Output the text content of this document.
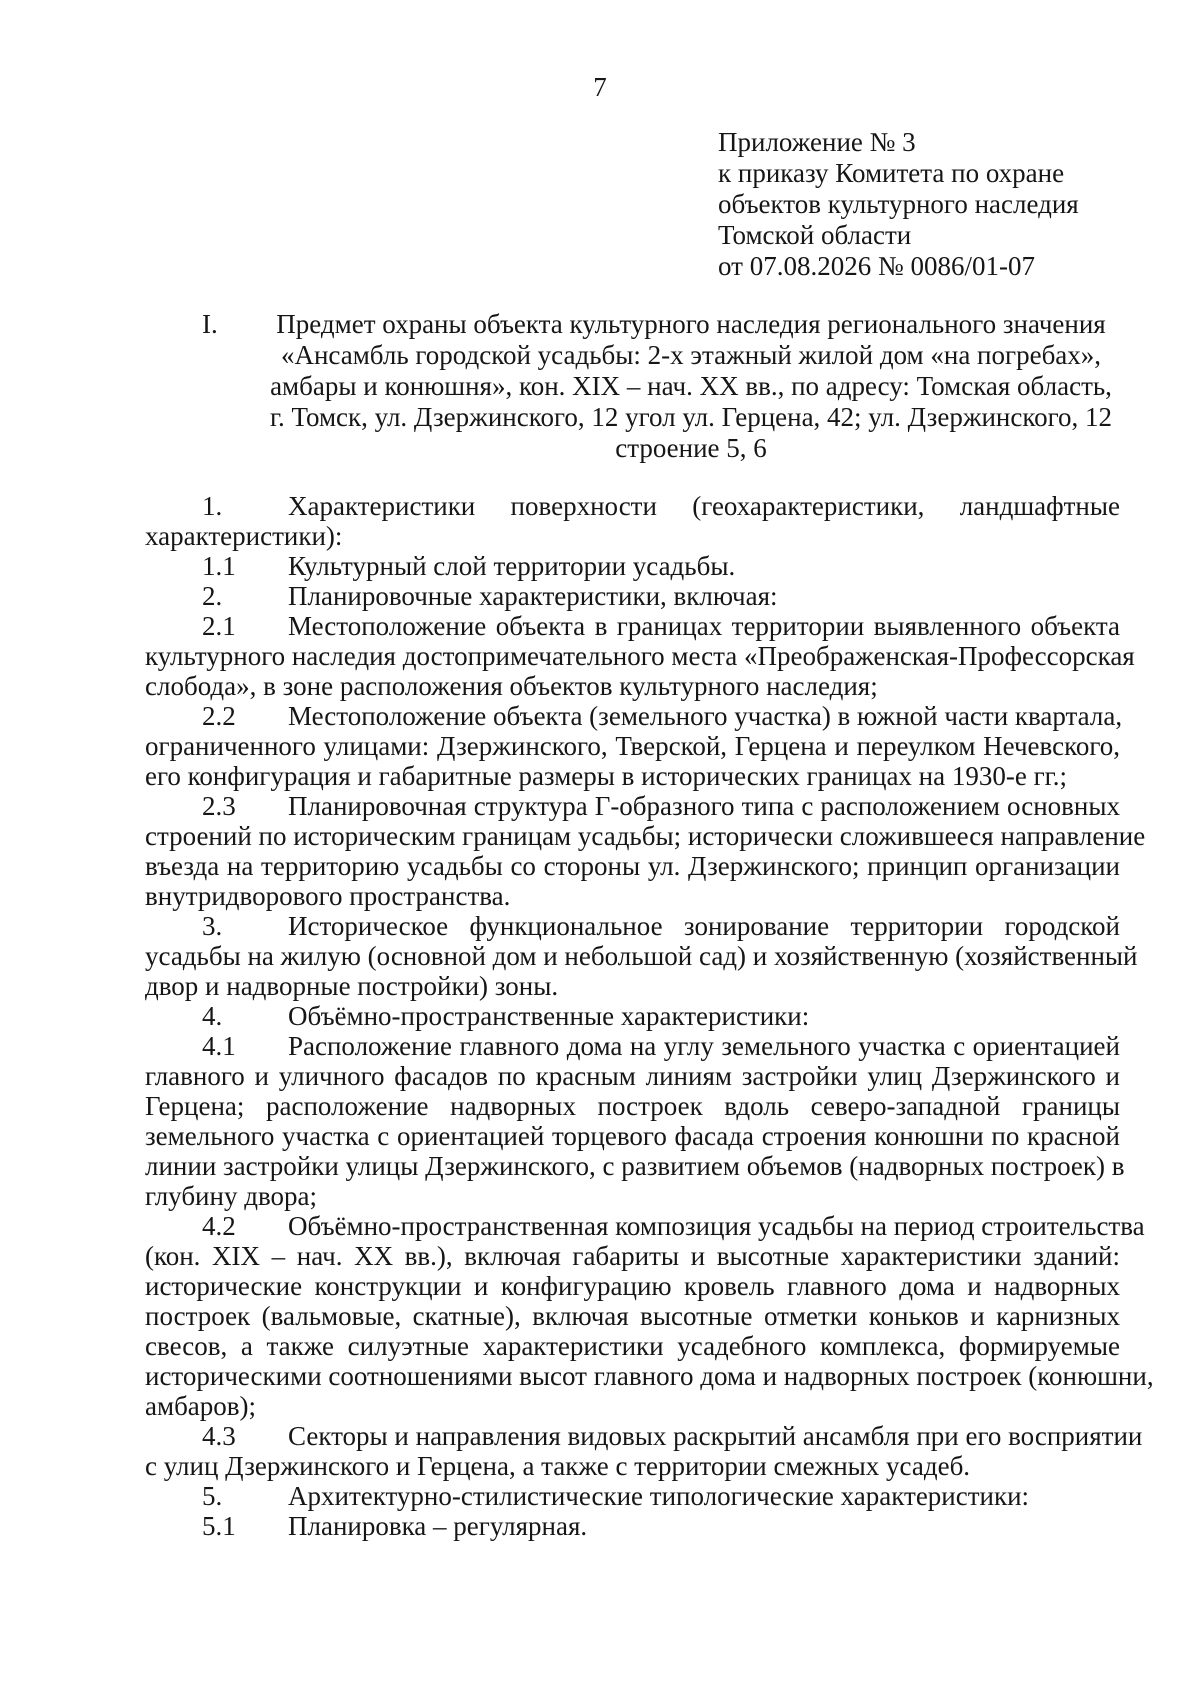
7
Приложение № 3
к приказу Комитета по охране
объектов культурного наследия
Томской области
от 07.08.2026 № 0086/01-07
I.	Предмет охраны объекта культурного наследия регионального значения
«Ансамбль городской усадьбы: 2-х этажный жилой дом «на погребах»,
амбары и конюшня», кон. XIX – нач. XX вв., по адресу: Томская область,
г. Томск, ул. Дзержинского, 12 угол ул. Герцена, 42; ул. Дзержинского, 12
строение 5, 6
1. Характеристики поверхности (геохарактеристики, ландшафтные
характеристики):
1.1 Культурный слой территории усадьбы.
2. Планировочные характеристики, включая:
2.1 Местоположение объекта в границах территории выявленного объекта
культурного наследия достопримечательного места «Преображенская-Профессорская
слобода», в зоне расположения объектов культурного наследия;
2.2 Местоположение объекта (земельного участка) в южной части квартала,
ограниченного улицами: Дзержинского, Тверской, Герцена и переулком Нечевского,
его конфигурация и габаритные размеры в исторических границах на 1930-е гг.;
2.3 Планировочная структура Г-образного типа с расположением основных
строений по историческим границам усадьбы; исторически сложившееся направление
въезда на территорию усадьбы со стороны ул. Дзержинского; принцип организации
внутридворового пространства.
3. Историческое функциональное зонирование территории городской
усадьбы на жилую (основной дом и небольшой сад) и хозяйственную (хозяйственный
двор и надворные постройки) зоны.
4. Объёмно-пространственные характеристики:
4.1 Расположение главного дома на углу земельного участка с ориентацией
главного и уличного фасадов по красным линиям застройки улиц Дзержинского и
Герцена; расположение надворных построек вдоль северо-западной границы
земельного участка с ориентацией торцевого фасада строения конюшни по красной
линии застройки улицы Дзержинского, с развитием объемов (надворных построек) в
глубину двора;
4.2 Объёмно-пространственная композиция усадьбы на период строительства
(кон. XIX – нач. XX вв.), включая габариты и высотные характеристики зданий:
исторические конструкции и конфигурацию кровель главного дома и надворных
построек (вальмовые, скатные), включая высотные отметки коньков и карнизных
свесов, а также силуэтные характеристики усадебного комплекса, формируемые
историческими соотношениями высот главного дома и надворных построек (конюшни,
амбаров);
4.3 Секторы и направления видовых раскрытий ансамбля при его восприятии
с улиц Дзержинского и Герцена, а также с территории смежных усадеб.
5. Архитектурно-стилистические типологические характеристики:
5.1 Планировка – регулярная.
